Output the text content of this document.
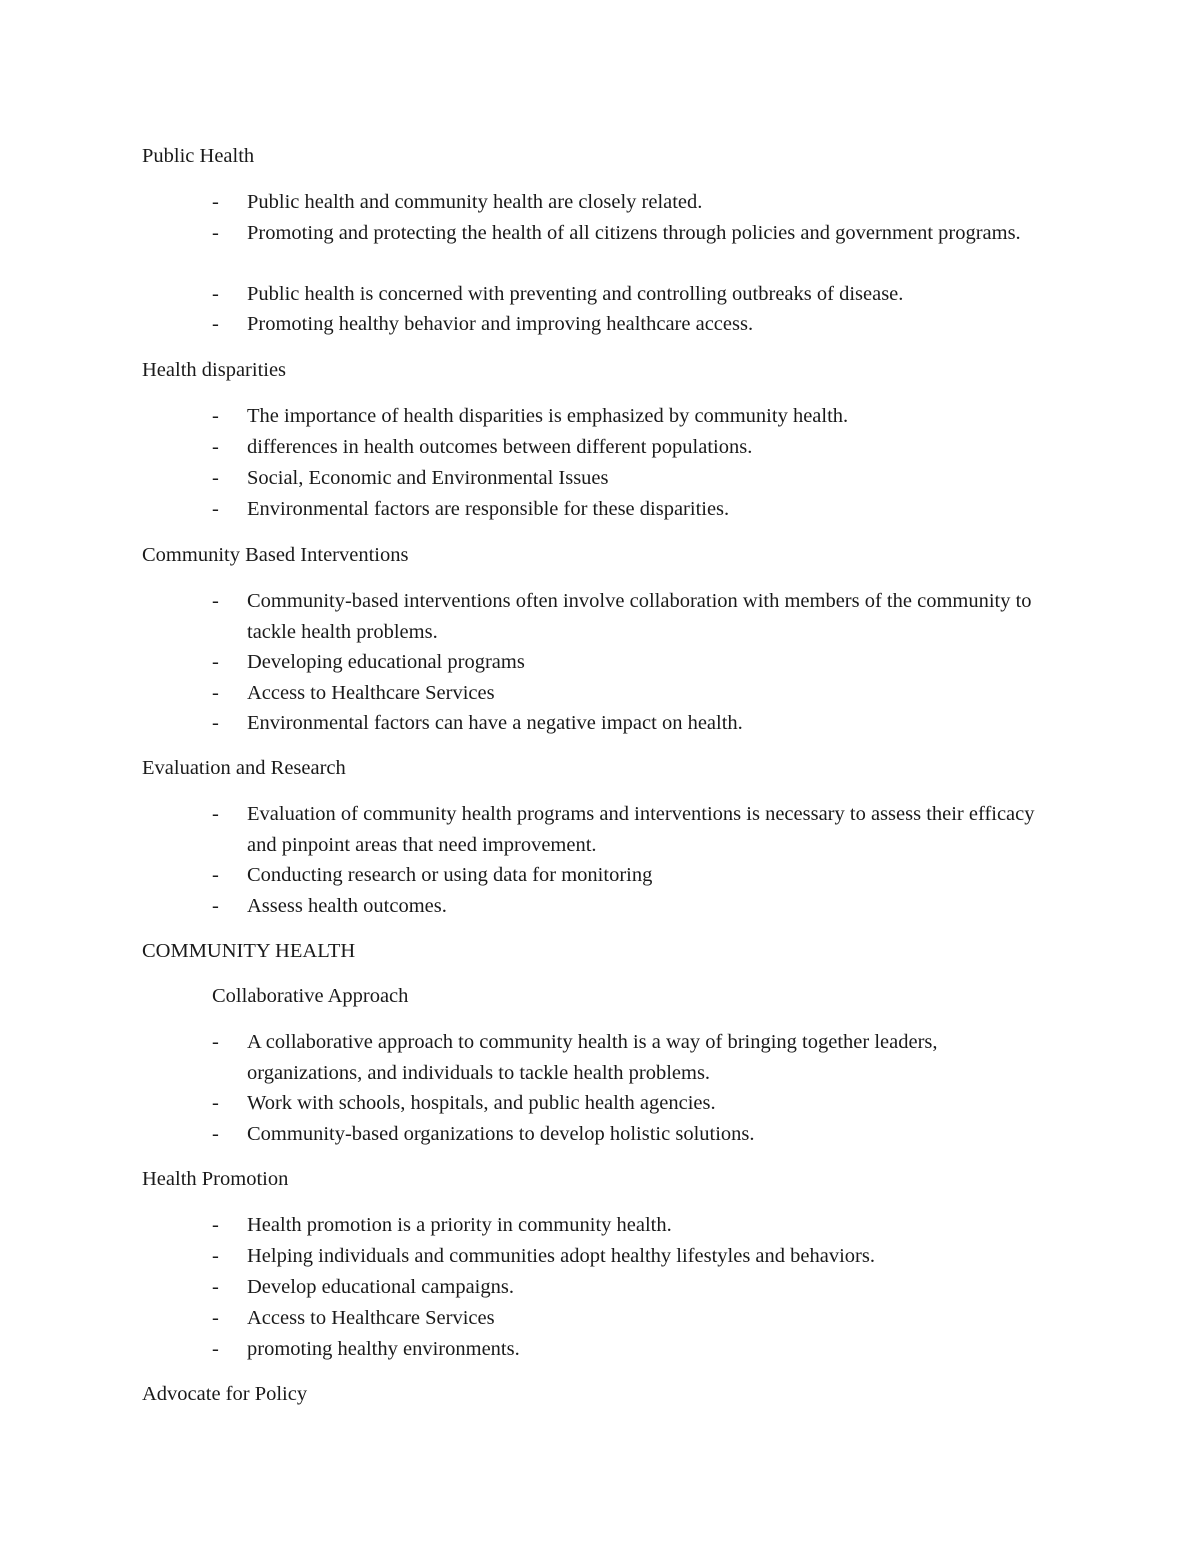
Public Health
-	Public health and community health are closely related.
-	Promoting and protecting the health of all citizens through policies and government programs.
-	Public health is concerned with preventing and controlling outbreaks of disease.
-	Promoting healthy behavior and improving healthcare access.
Health disparities
-	The importance of health disparities is emphasized by community health.
-	differences in health outcomes between different populations.
-	Social, Economic and Environmental Issues
-	Environmental factors are responsible for these disparities.
Community Based Interventions
-	Community-based interventions often involve collaboration with members of the community to tackle health problems.
-	Developing educational programs
-	Access to Healthcare Services
-	Environmental factors can have a negative impact on health.
Evaluation and Research
-	Evaluation of community health programs and interventions is necessary to assess their efficacy and pinpoint areas that need improvement.
-	Conducting research or using data for monitoring
-	Assess health outcomes.
COMMUNITY HEALTH
Collaborative Approach
-	A collaborative approach to community health is a way of bringing together leaders, organizations, and individuals to tackle health problems.
-	Work with schools, hospitals, and public health agencies.
-	Community-based organizations to develop holistic solutions.
Health Promotion
-	Health promotion is a priority in community health.
-	Helping individuals and communities adopt healthy lifestyles and behaviors.
-	Develop educational campaigns.
-	Access to Healthcare Services
-	promoting healthy environments.
Advocate for Policy
